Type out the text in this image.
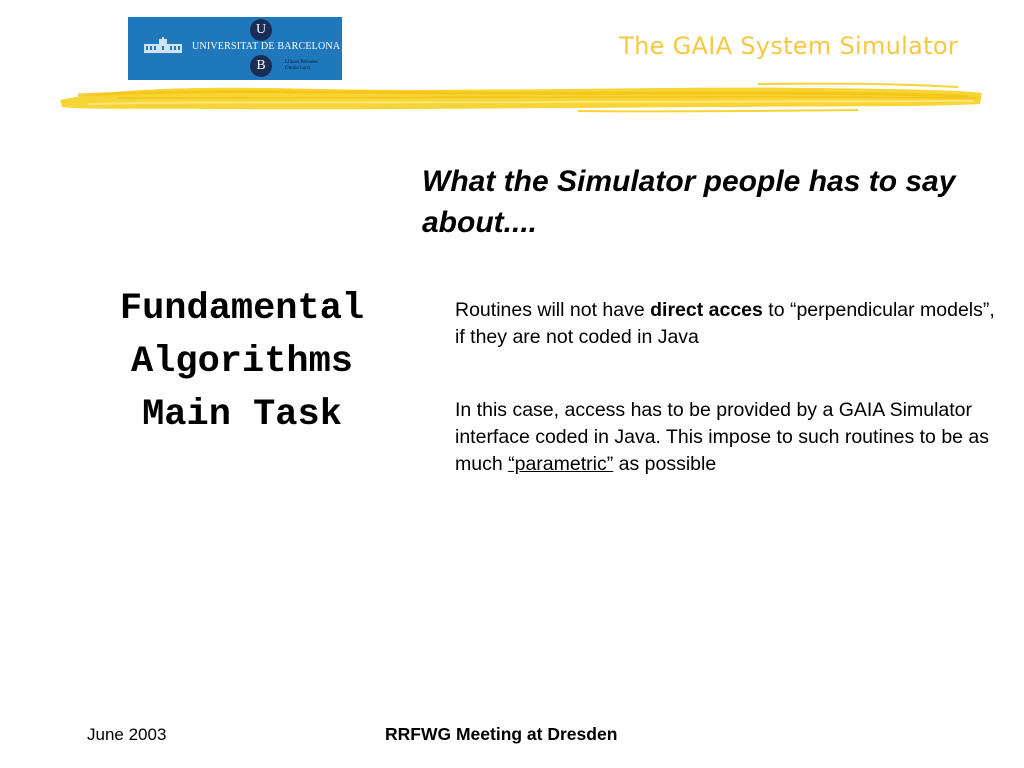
UNIVERSITAT DE BARCELONA
U
B	Lliures Periodes
Omnia Lacti
The GAIA System Simulator
What the Simulator people has to say about....
Fundamental
Algorithms
Main Task
Routines will not have direct acces to “perpendicular models”, if they are not coded in Java
In this case, access has to be provided by a GAIA Simulator interface coded in Java. This impose to such routines to be as much “parametric” as possible
June 2003	RRFWG Meeting at Dresden
